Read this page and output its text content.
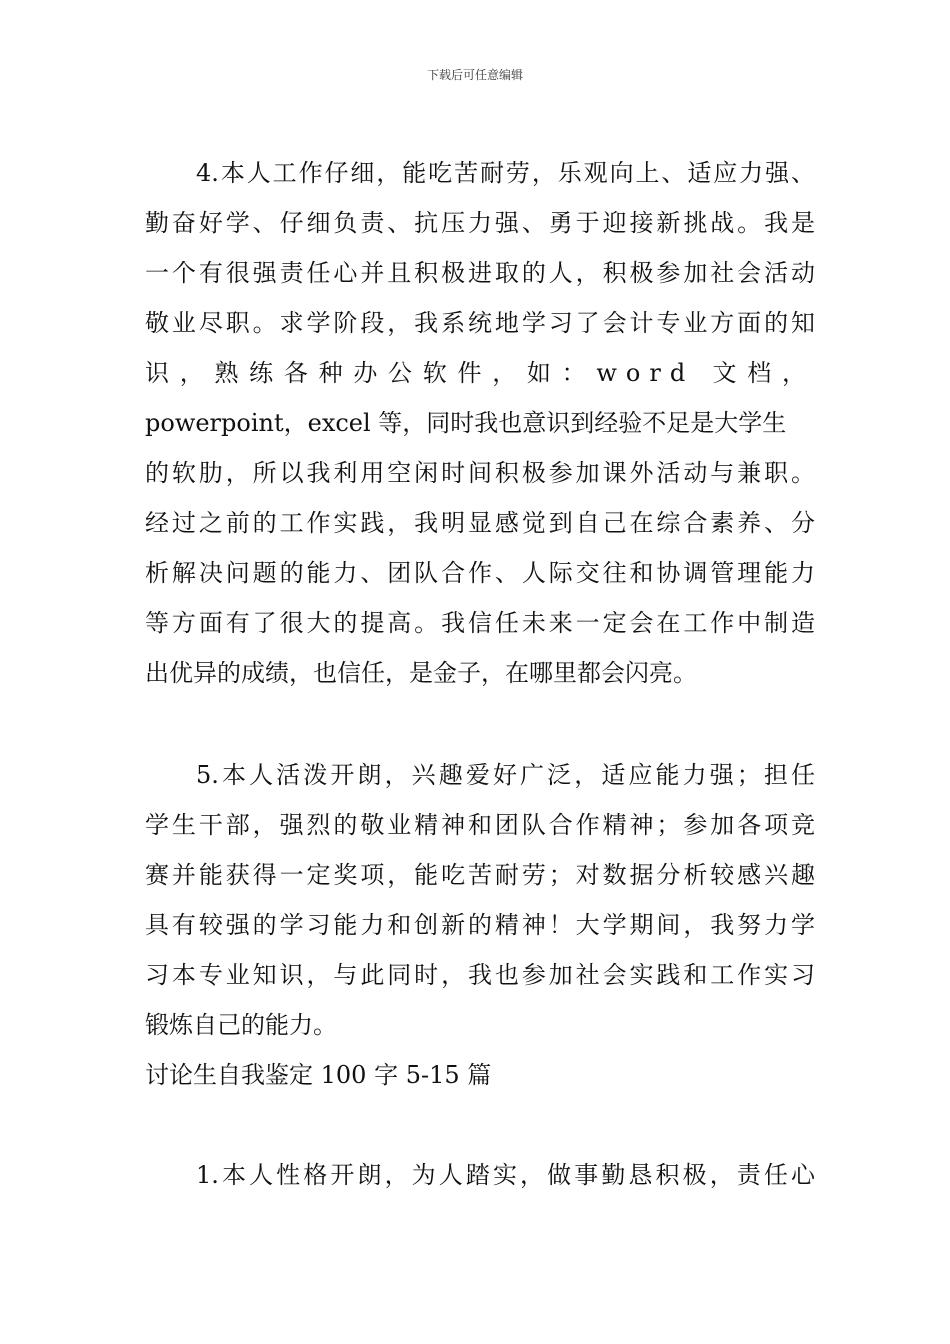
下载后可任意编辑
4.本人工作仔细，能吃苦耐劳，乐观向上、适应力强、
勤奋好学、仔细负责、抗压力强、勇于迎接新挑战。我是
一个有很强责任心并且积极进取的人，积极参加社会活动
敬业尽职。求学阶段，我系统地学习了会计专业方面的知
识，熟练各种办公软件，如：word 文档，
powerpoint，excel 等，同时我也意识到经验不足是大学生
的软肋，所以我利用空闲时间积极参加课外活动与兼职。
经过之前的工作实践，我明显感觉到自己在综合素养、分
析解决问题的能力、团队合作、人际交往和协调管理能力
等方面有了很大的提高。我信任未来一定会在工作中制造
出优异的成绩，也信任，是金子，在哪里都会闪亮。
5.本人活泼开朗，兴趣爱好广泛，适应能力强；担任
学生干部，强烈的敬业精神和团队合作精神；参加各项竞
赛并能获得一定奖项，能吃苦耐劳；对数据分析较感兴趣
具有较强的学习能力和创新的精神！大学期间，我努力学
习本专业知识，与此同时，我也参加社会实践和工作实习
锻炼自己的能力。
讨论生自我鉴定 100 字 5-15 篇
1.本人性格开朗，为人踏实，做事勤恳积极，责任心
